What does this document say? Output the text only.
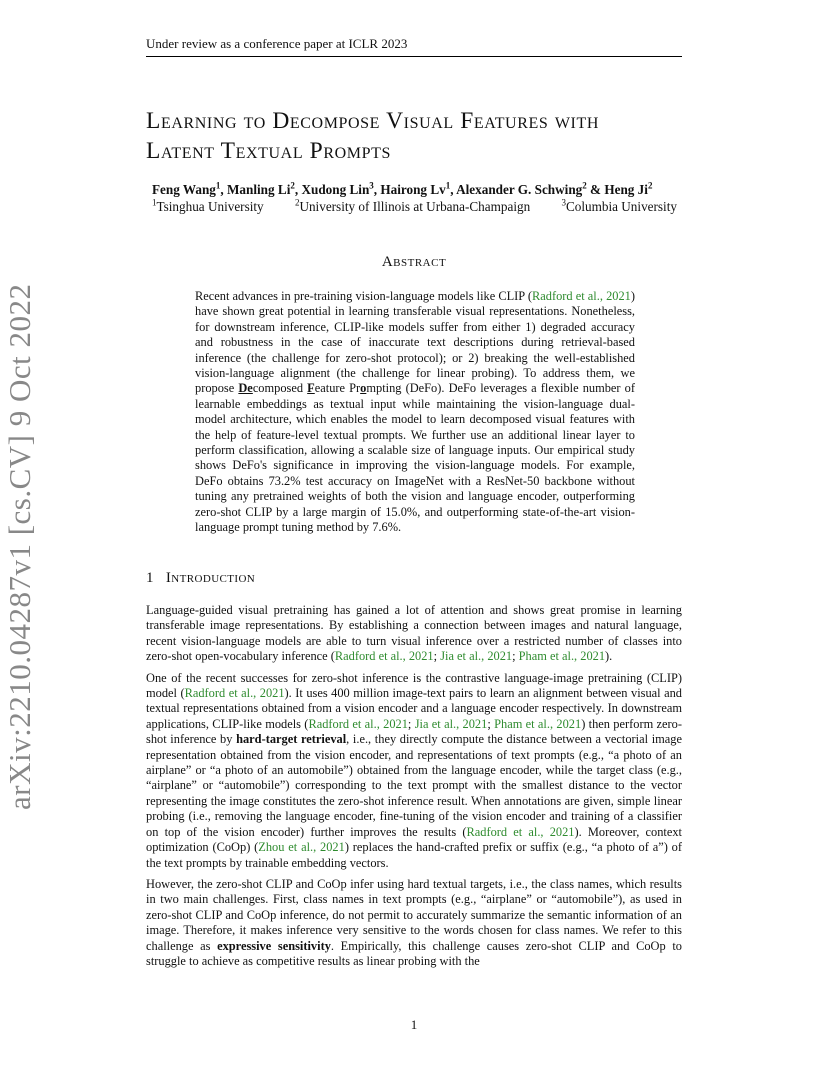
Under review as a conference paper at ICLR 2023
arXiv:2210.04287v1 [cs.CV] 9 Oct 2022
Learning to Decompose Visual Features with
Latent Textual Prompts
Feng Wang$^1$, Manling Li$^2$, Xudong Lin$^3$, Hairong Lv$^1$, Alexander G. Schwing$^2$ & Heng Ji$^2$
$^1$Tsinghua University	$^2$University of Illinois at Urbana-Champaign	$^3$Columbia University
Abstract
Recent advances in pre-training vision-language models like CLIP (Radford et al., 2021) have shown great potential in learning transferable visual representations. Nonetheless, for downstream inference, CLIP-like models suffer from either 1) degraded accuracy and robustness in the case of inaccurate text descriptions during retrieval-based inference (the challenge for zero-shot protocol); or 2) breaking the well-established vision-language alignment (the challenge for linear probing). To address them, we propose Decomposed Feature Prompting (DeFo). DeFo leverages a flexible number of learnable embeddings as textual input while maintaining the vision-language dual-model architecture, which enables the model to learn decomposed visual features with the help of feature-level textual prompts. We further use an additional linear layer to perform classification, allowing a scalable size of language inputs. Our empirical study shows DeFo's significance in improving the vision-language models. For example, DeFo obtains 73.2% test accuracy on ImageNet with a ResNet-50 backbone without tuning any pretrained weights of both the vision and language encoder, outperforming zero-shot CLIP by a large margin of 15.0%, and outperforming state-of-the-art vision-language prompt tuning method by 7.6%.
1 Introduction

Language-guided visual pretraining has gained a lot of attention and shows great promise in learning transferable image representations. By establishing a connection between images and natural language, recent vision-language models are able to turn visual inference over a restricted number of classes into zero-shot open-vocabulary inference (Radford et al., 2021; Jia et al., 2021; Pham et al., 2021).

One of the recent successes for zero-shot inference is the contrastive language-image pretraining (CLIP) model (Radford et al., 2021). It uses 400 million image-text pairs to learn an alignment between visual and textual representations obtained from a vision encoder and a language encoder respectively. In downstream applications, CLIP-like models (Radford et al., 2021; Jia et al., 2021; Pham et al., 2021) then perform zero-shot inference by hard-target retrieval, i.e., they directly compute the distance between a vectorial image representation obtained from the vision encoder, and representations of text prompts (e.g., “a photo of an airplane” or “a photo of an automobile”) obtained from the language encoder, while the target class (e.g., “airplane” or “automobile”) corresponding to the text prompt with the smallest distance to the vector representing the image constitutes the zero-shot inference result. When annotations are given, simple linear probing (i.e., removing the language encoder, fine-tuning of the vision encoder and training of a classifier on top of the vision encoder) further improves the results (Radford et al., 2021). Moreover, context optimization (CoOp) (Zhou et al., 2021) replaces the hand-crafted prefix or suffix (e.g., “a photo of a”) of the text prompts by trainable embedding vectors.

However, the zero-shot CLIP and CoOp infer using hard textual targets, i.e., the class names, which results in two main challenges. First, class names in text prompts (e.g., “airplane” or “automobile”), as used in zero-shot CLIP and CoOp inference, do not permit to accurately summarize the semantic information of an image. Therefore, it makes inference very sensitive to the words chosen for class names. We refer to this challenge as expressive sensitivity. Empirically, this challenge causes zero-shot CLIP and CoOp to struggle to achieve as competitive results as linear probing with the

1
